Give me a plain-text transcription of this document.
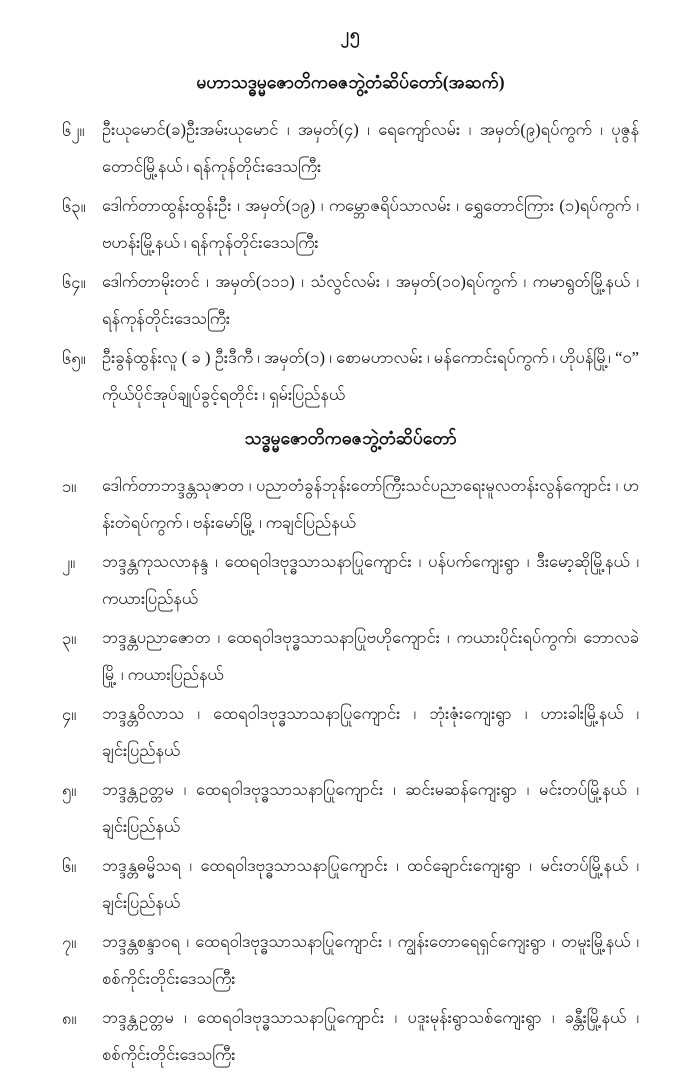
၂၅
မဟာသဒ္ဓမ္မဇောတိကဓဇဘွဲ့တံဆိပ်တော်(အဆက်)
၆၂။	ဦးယုမောင်(ခ)ဦးအမ်းယုမောင် ၊ အမှတ်(၄) ၊ ရေကျော်လမ်း ၊ အမှတ်(၉)ရပ်ကွက် ၊ ပုဇွန်တောင်မြို့နယ် ၊ ရန်ကုန်တိုင်းဒေသကြီး
၆၃။ ဒေါက်တာထွန်းထွန်းဦး ၊ အမှတ်(၁၉) ၊ ကမ္ဘောဇရိပ်သာလမ်း ၊ ရွှေတောင်ကြား (၁)ရပ်ကွက် ၊ ဗဟန်းမြို့နယ် ၊ ရန်ကုန်တိုင်းဒေသကြီး
၆၄။ ဒေါက်တာမိုးတင် ၊ အမှတ်(၁၁၁) ၊ သံလွင်လမ်း ၊ အမှတ်(၁၀)ရပ်ကွက် ၊ ကမာရွတ်မြို့နယ် ၊ ရန်ကုန်တိုင်းဒေသကြီး
၆၅။ ဦးခွန်ထွန်းလူ ( ခ ) ဦးဒီကီ ၊ အမှတ်(၁) ၊ စောမဟာလမ်း ၊ မန်ကောင်းရပ်ကွက် ၊ ဟိုပန်မြို့၊ “ဝ” ကိုယ်ပိုင်အုပ်ချုပ်ခွင့်ရတိုင်း ၊ ရှမ်းပြည်နယ်
သဒ္ဓမ္မဇောတိကဓဇဘွဲ့တံဆိပ်တော်
၁။	ဒေါက်တာဘဒ္ဒန္တသုဇာတ ၊ ပညာတံခွန်ဘုန်းတော်ကြီးသင်ပညာရေးမူလတန်းလွန်ကျောင်း ၊ ဟန်းတဲရပ်ကွက် ၊ ဗန်းမော်မြို့ ၊ ကချင်ပြည်နယ်
၂။	ဘဒ္ဒန္တကုသလာနန္ဒ ၊ ထေရဝါဒဗုဒ္ဓသာသနာပြုကျောင်း ၊ ပန်ပက်ကျေးရွာ ၊ ဒီးမော့ဆိုမြို့နယ် ၊ ကယားပြည်နယ်
၃။	ဘဒ္ဒန္တပညာဇောတ ၊ ထေရဝါဒဗုဒ္ဓသာသနာပြုဗဟိုကျောင်း ၊ ကယားပိုင်းရပ်ကွက်၊ ဘောလခဲမြို့ ၊ ကယားပြည်နယ်
၄။	ဘဒ္ဒန္တဝိလာသ ၊ ထေရဝါဒဗုဒ္ဓသာသနာပြုကျောင်း ၊ ဘုံးဇုံးကျေးရွာ ၊ ဟားခါးမြို့နယ် ၊ ချင်းပြည်နယ်
၅။	ဘဒ္ဒန္တဥတ္တမ ၊ ထေရဝါဒဗုဒ္ဓသာသနာပြုကျောင်း ၊ ဆင်းမဆန်ကျေးရွာ ၊ မင်းတပ်မြို့နယ် ၊ ချင်းပြည်နယ်
၆။	ဘဒ္ဒန္တဓမ္မိသရ ၊ ထေရဝါဒဗုဒ္ဓသာသနာပြုကျောင်း ၊ ထင်ချောင်းကျေးရွာ ၊ မင်းတပ်မြို့နယ် ၊ ချင်းပြည်နယ်
၇။	ဘဒ္ဒန္တစန္ဒာဝရ ၊ ထေရဝါဒဗုဒ္ဓသာသနာပြုကျောင်း ၊ ကျွန်းတောရေရှင်ကျေးရွာ ၊ တမူးမြို့နယ် ၊ စစ်ကိုင်းတိုင်းဒေသကြီး
၈။	ဘဒ္ဒန္တဥတ္တမ ၊ ထေရဝါဒဗုဒ္ဓသာသနာပြုကျောင်း ၊ ပဒူးမုန်းရွာသစ်ကျေးရွာ ၊ ခန္တီးမြို့နယ် ၊ စစ်ကိုင်းတိုင်းဒေသကြီး
